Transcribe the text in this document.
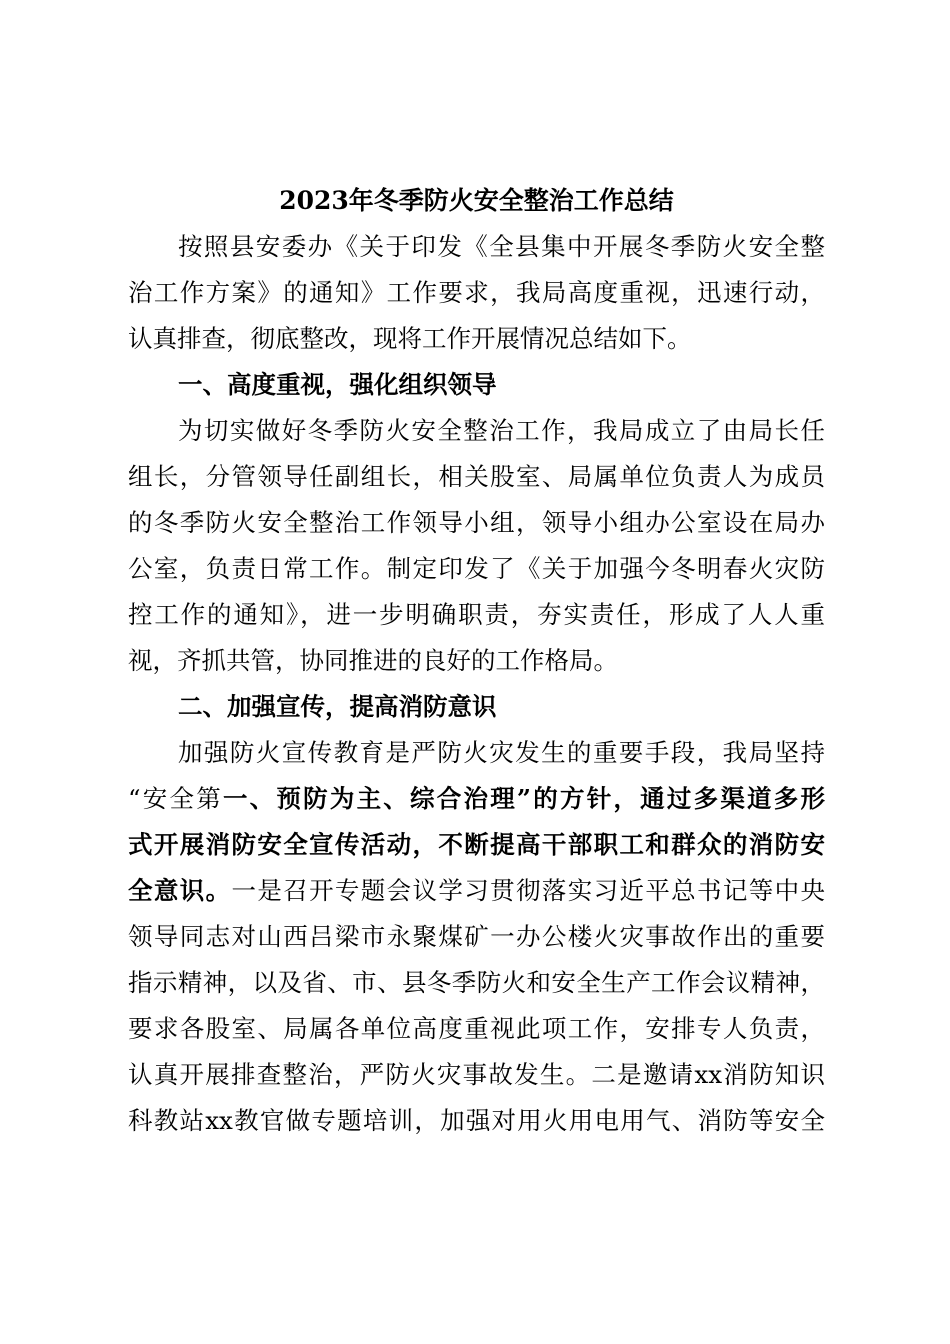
2023年冬季防火安全整治工作总结
按照县安委办《关于印发《全县集中开展冬季防火安全整
治工作方案》的通知》工作要求，我局高度重视，迅速行动，
认真排查，彻底整改，现将工作开展情况总结如下。
一、高度重视，强化组织领导
为切实做好冬季防火安全整治工作，我局成立了由局长任
组长，分管领导任副组长，相关股室、局属单位负责人为成员
的冬季防火安全整治工作领导小组，领导小组办公室设在局办
公室，负责日常工作。制定印发了《关于加强今冬明春火灾防
控工作的通知》，进一步明确职责，夯实责任，形成了人人重
视，齐抓共管，协同推进的良好的工作格局。
二、加强宣传，提高消防意识
加强防火宣传教育是严防火灾发生的重要手段，我局坚持
“安全第一、预防为主、综合治理”的方针，通过多渠道多形
式开展消防安全宣传活动，不断提高干部职工和群众的消防安
全意识。一是召开专题会议学习贯彻落实习近平总书记等中央
领导同志对山西吕梁市永聚煤矿一办公楼火灾事故作出的重要
指示精神，以及省、市、县冬季防火和安全生产工作会议精神，
要求各股室、局属各单位高度重视此项工作，安排专人负责，
认真开展排查整治，严防火灾事故发生。二是邀请xx消防知识
科教站xx教官做专题培训，加强对用火用电用气、消防等安全
